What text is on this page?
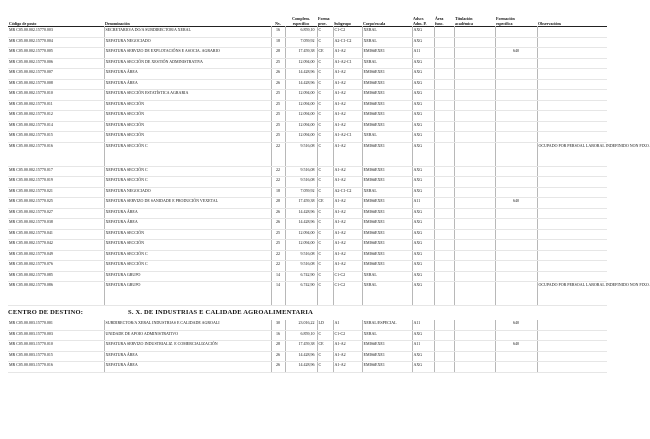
Código de posto	Denominación	Nv.	Complem.
específico	Forma
prov.	Subgrupo	Corpo/escala	Adscr.
Adm. P.	Área
func.	Titulación
académica	Formación
específica	Observacións
MR C05.00.002.15770.003	SECRETARIO/A DO/A SUBDIRECTOR/A XERAL	16	6.859,10	C	C1-C2	XERAL	AXG				
MR C05.00.002.15770.004	XEFATURA NEGOCIADO	18	7.059,92	C	A2-C1-C2	XERAL	AXG				
MR C05.00.002.15770.005	XEFATURA SERVIZO DE EXPLOTACIÓNS E ASOCIA. AGRARIO	28	17.459,38	CE	A1-A2	EMIS#EXE1	A11			640	
MR C05.00.002.15770.006	XEFATURA SECCIÓN DE XESTIÓN ADMINISTRATIVA	25	12.094,00	C	A1-A2-C1	XERAL	AXG				
MR C05.00.002.15770.007	XEFATURA ÁREA	26	14.428,96	C	A1-A2	EMIS#EXE1	AXG				
MR C05.00.002.15770.008	XEFATURA ÁREA	26	14.428,96	C	A1-A2	EMIS#EXE1	AXG				
MR C05.00.002.15770.010	XEFATURA SECCIÓN ESTATÍSTICA AGRARIA	25	12.094,00	C	A1-A2	EMIS#EXE1	AXG				
MR C05.00.002.15770.011	XEFATURA SECCIÓN	25	12.094,00	C	A1-A2	EMIS#EXE1	AXG				
MR C05.00.002.15770.012	XEFATURA SECCIÓN	25	12.094,00	C	A1-A2	EMIS#EXE1	AXG				
MR C05.00.002.15770.014	XEFATURA SECCIÓN	25	12.094,00	C	A1-A2	EMIS#EXE1	AXG				
MR C05.00.002.15770.015	XEFATURA SECCIÓN	25	12.094,00	C	A1-A2-C1	XERAL	AXG				
MR C05.00.002.15770.016	XEFATURA SECCIÓN C	22	9.516,08	C	A1-A2	EMIS#EXE1	AXG				OCUPADO POR PERSOAL LABORAL INDEFINIDO NON FIXO.
MR C05.00.002.15770.017	XEFATURA SECCIÓN C	22	9.516,08	C	A1-A2	EMIS#EXE1	AXG				
MR C05.00.002.15770.019	XEFATURA SECCIÓN C	22	9.516,08	C	A1-A2	EMIS#EXE1	AXG				
MR C05.00.002.15770.021	XEFATURA NEGOCIADO	18	7.059,92	C	A2-C1-C2	XERAL	AXG				
MR C05.00.002.15770.025	XEFATURA SERVIZO DE SANIDADE E PRODUCIÓN VEXETAL	28	17.459,38	CE	A1-A2	EMIS#EXE1	A11			640	
MR C05.00.002.15770.027	XEFATURA ÁREA	26	14.428,96	C	A1-A2	EMIS#EXE1	AXG				
MR C05.00.002.15770.038	XEFATURA ÁREA	26	14.428,96	C	A1-A2	EMIS#EXE1	AXG				
MR C05.00.002.15770.041	XEFATURA SECCIÓN	25	12.094,00	C	A1-A2	EMIS#EXE1	AXG				
MR C05.00.002.15770.042	XEFATURA SECCIÓN	25	12.094,00	C	A1-A2	EMIS#EXE1	AXG				
MR C05.00.002.15770.049	XEFATURA SECCIÓN C	22	9.516,08	C	A1-A2	EMIS#EXE1	AXG				
MR C05.00.002.15770.076	XEFATURA SECCIÓN C	22	9.516,08	C	A1-A2	EMIS#EXE1	AXG				
MR C05.00.002.15770.085	XEFATURA GRUPO	14	6.742,90	C	C1-C2	XERAL	AXG				
MR C05.00.002.15770.086	XEFATURA GRUPO	14	6.742,90	C	C1-C2	XERAL	AXG				OCUPADO POR PERSOAL LABORAL INDEFINIDO NON FIXO.
CENTRO DE DESTINO:	S. X. DE INDUSTRIAS E CALIDADE AGROALIMENTARIA
MR C05.00.003.15770.001	SUBDIRECTOR/A XERAL INDUSTRIAS E CALIDADE AGROALI	30	23.016,22	LD	A1	XERAL/ESPECIAL	A11			640	
MR C05.00.003.15770.003	UNIDADE DE APOIO ADMINISTRATIVO	16	6.859,10	C	C1-C2	XERAL	AXG				
MR C05.00.003.15770.010	XEFATURA SERVIZO INDUSTRIALIZ. E COMERCIALIZACIÓN	28	17.459,38	CE	A1-A2	EMIS#EXE1	A11			640	
MR C05.00.003.15770.015	XEFATURA ÁREA	26	14.428,96	C	A1-A2	EMIS#EXE1	AXG				
MR C05.00.003.15770.016	XEFATURA ÁREA	26	14.428,96	C	A1-A2	EMIS#EXE1	AXG				
